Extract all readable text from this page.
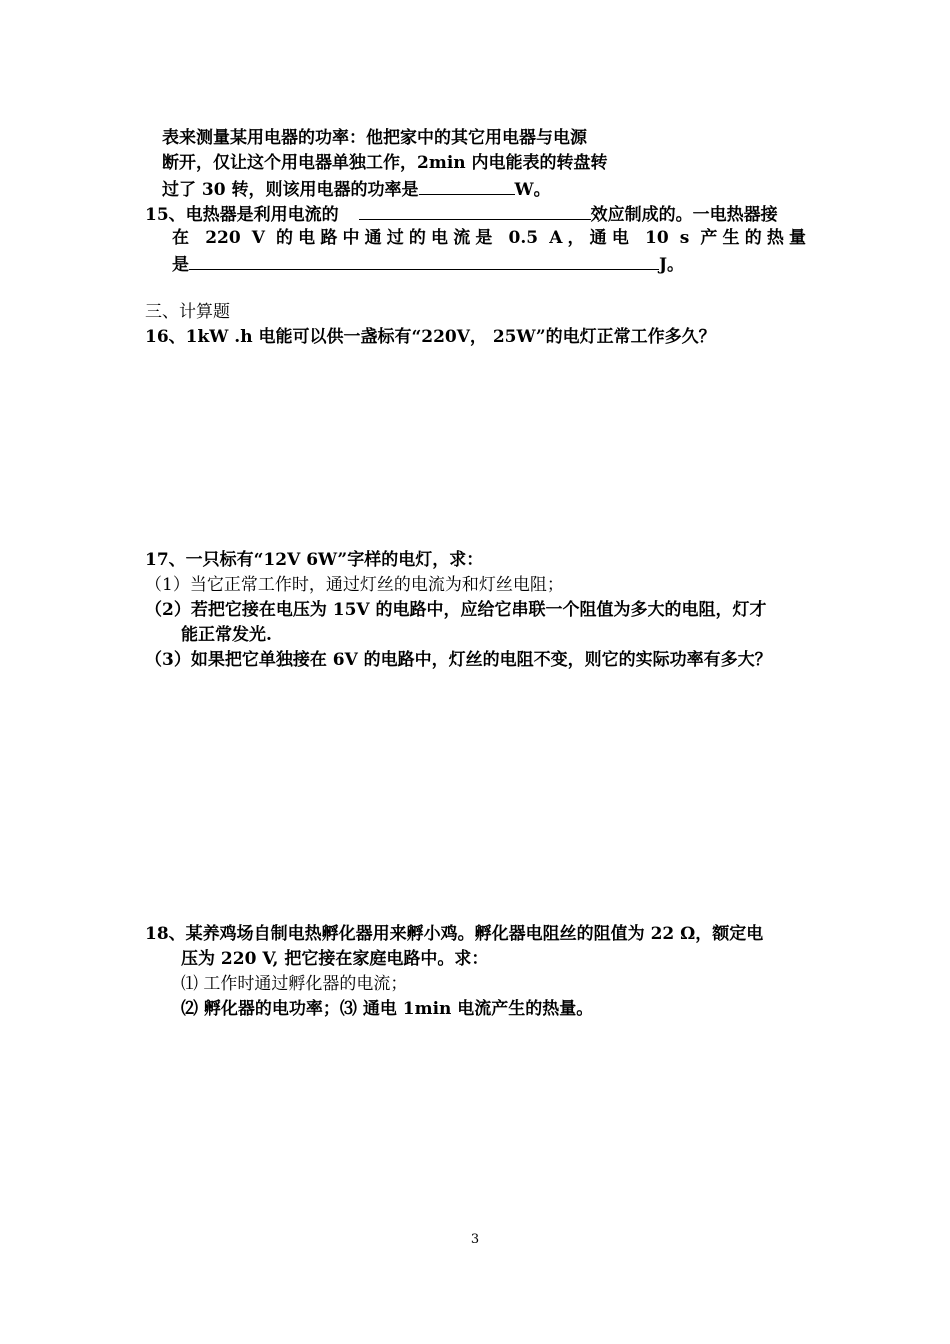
表来测量某用电器的功率：他把家中的其它用电器与电源
断开，仅让这个用电器单独工作，2min 内电能表的转盘转
过了 30 转，则该用电器的功率是	W。
15、电热器是利用电流的	效应制成的。一电热器接
在 220 V 的电路中通过的电流是 0.5 A，通电 10 s 产生的热量
是	J。
三、计算题
16、1kW .h 电能可以供一盏标有“220V， 25W”的电灯正常工作多久？
17、一只标有“12V 6W”字样的电灯，求：
（1）当它正常工作时，通过灯丝的电流为和灯丝电阻；
（2）若把它接在电压为 15V 的电路中，应给它串联一个阻值为多大的电阻，灯才
能正常发光.
（3）如果把它单独接在 6V 的电路中，灯丝的电阻不变，则它的实际功率有多大？
18、某养鸡场自制电热孵化器用来孵小鸡。孵化器电阻丝的阻值为 22 Ω，额定电
压为 220 V, 把它接在家庭电路中。求：
⑴ 工作时通过孵化器的电流；
⑵ 孵化器的电功率；⑶ 通电 1min 电流产生的热量。
3
